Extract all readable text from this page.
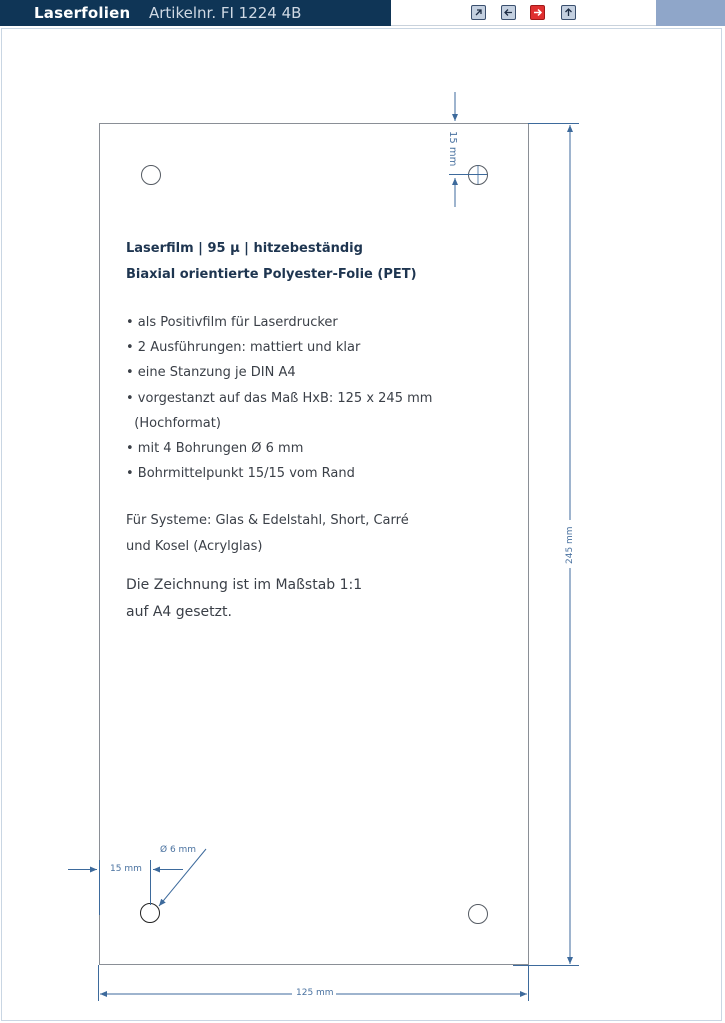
Laserfolien Artikelnr. FI 1224 4B
15 mm
245 mm
125 mm
15 mm
Ø 6 mm

Laserfilm | 95 µ | hitzebeständig

Biaxial orientierte Polyester-Folie (PET)

• als Positivfilm für Laserdrucker
• 2 Ausführungen: mattiert und klar
• eine Stanzung je DIN A4
• vorgestanzt auf das Maß HxB: 125 x 245 mm
(Hochformat)
• mit 4 Bohrungen Ø 6 mm
• Bohrmittelpunkt 15/15 vom Rand
Für Systeme: Glas & Edelstahl, Short, Carré
und Kosel (Acrylglas)
Die Zeichnung ist im Maßstab 1:1
auf A4 gesetzt.
